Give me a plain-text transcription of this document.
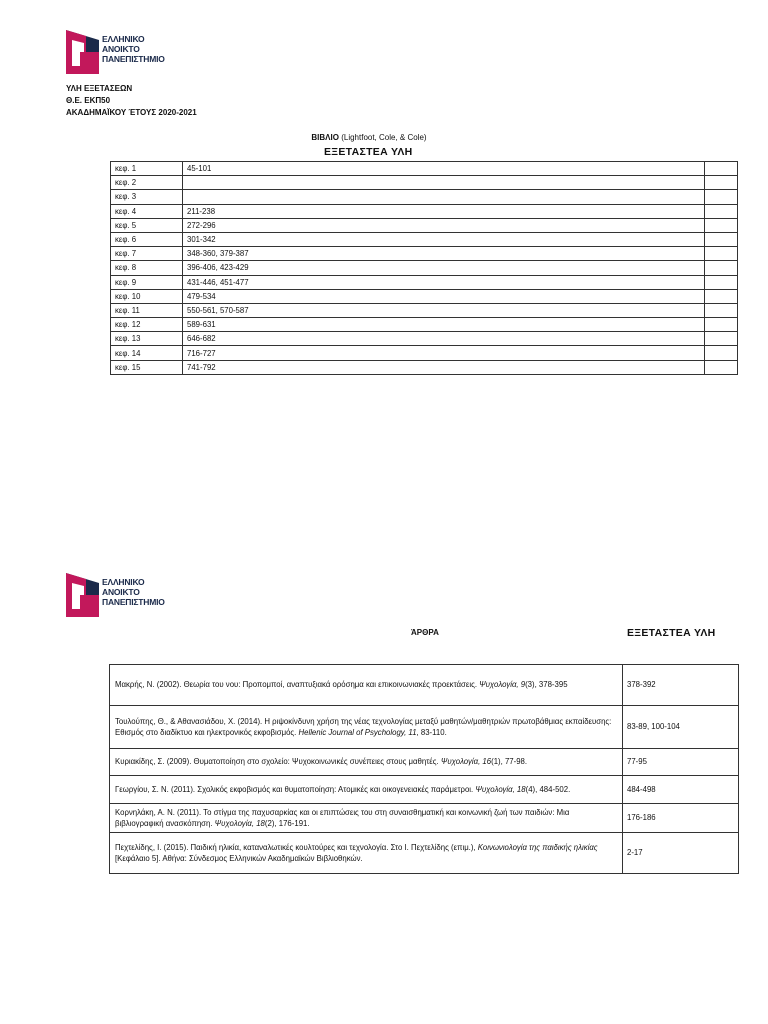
ΕΛΛΗΝΙΚΟ
ΑΝΟΙΚΤΟ
ΠΑΝΕΠΙΣΤΗΜΙΟ
ΥΛΗ ΕΞΕΤΑΣΕΩΝ
Θ.Ε. ΕΚΠ50
ΑΚΑΔΗΜΑΪΚΟΥ ΈΤΟΥΣ 2020-2021
ΒΙΒΛΙΟ (Lightfoot, Cole, & Cole)
ΕΞΕΤΑΣΤΕΑ ΥΛΗ
κεφ. 1	45-101	
κεφ. 2		
κεφ. 3		
κεφ. 4	211-238	
κεφ. 5	272-296	
κεφ. 6	301-342	
κεφ. 7	348-360, 379-387	
κεφ. 8	396-406, 423-429	
κεφ. 9	431-446, 451-477	
κεφ. 10	479-534	
κεφ. 11	550-561, 570-587	
κεφ. 12	589-631	
κεφ. 13	646-682	
κεφ. 14	716-727	
κεφ. 15	741-792	
ΕΛΛΗΝΙΚΟ
ΑΝΟΙΚΤΟ
ΠΑΝΕΠΙΣΤΗΜΙΟ
ΆΡΘΡΑ	ΕΞΕΤΑΣΤΕΑ ΥΛΗ
Μακρής, Ν. (2002). Θεωρία του νου: Προπομποί, αναπτυξιακά ορόσημα και επικοινωνιακές προεκτάσεις. Ψυχολογία, 9(3), 378-395	378-392
Τουλούπης, Θ., & Αθανασιάδου, Χ. (2014). Η ριψοκίνδυνη χρήση της νέας τεχνολογίας μεταξύ μαθητών/μαθητριών πρωτοβάθμιας εκπαίδευσης: Εθισμός στο διαδίκτυο και ηλεκτρονικός εκφοβισμός. Hellenic Journal of Psychology, 11, 83-110.	83-89, 100-104
Κυριακίδης, Σ. (2009). Θυματοποίηση στο σχολείο: Ψυχοκοινωνικές συνέπειες στους μαθητές. Ψυχολογία, 16(1), 77-98.	77-95
Γεωργίου, Σ. Ν. (2011). Σχολικός εκφοβισμός και θυματοποίηση: Ατομικές και οικογενειακές παράμετροι. Ψυχολογία, 18(4), 484-502.	484-498
Κορνηλάκη, Α. Ν. (2011). Το στίγμα της παχυσαρκίας και οι επιπτώσεις του στη συναισθηματική και κοινωνική ζωή των παιδιών: Μια βιβλιογραφική ανασκόπηση. Ψυχολογία, 18(2), 176-191.	176-186
Πεχτελίδης, Ι. (2015). Παιδική ηλικία, καταναλωτικές κουλτούρες και τεχνολογία. Στο Ι. Πεχτελίδης (επιμ.), Κοινωνιολογία της παιδικής ηλικίας [Κεφάλαιο 5]. Αθήνα: Σύνδεσμος Ελληνικών Ακαδημαϊκών Βιβλιοθηκών.	2-17
